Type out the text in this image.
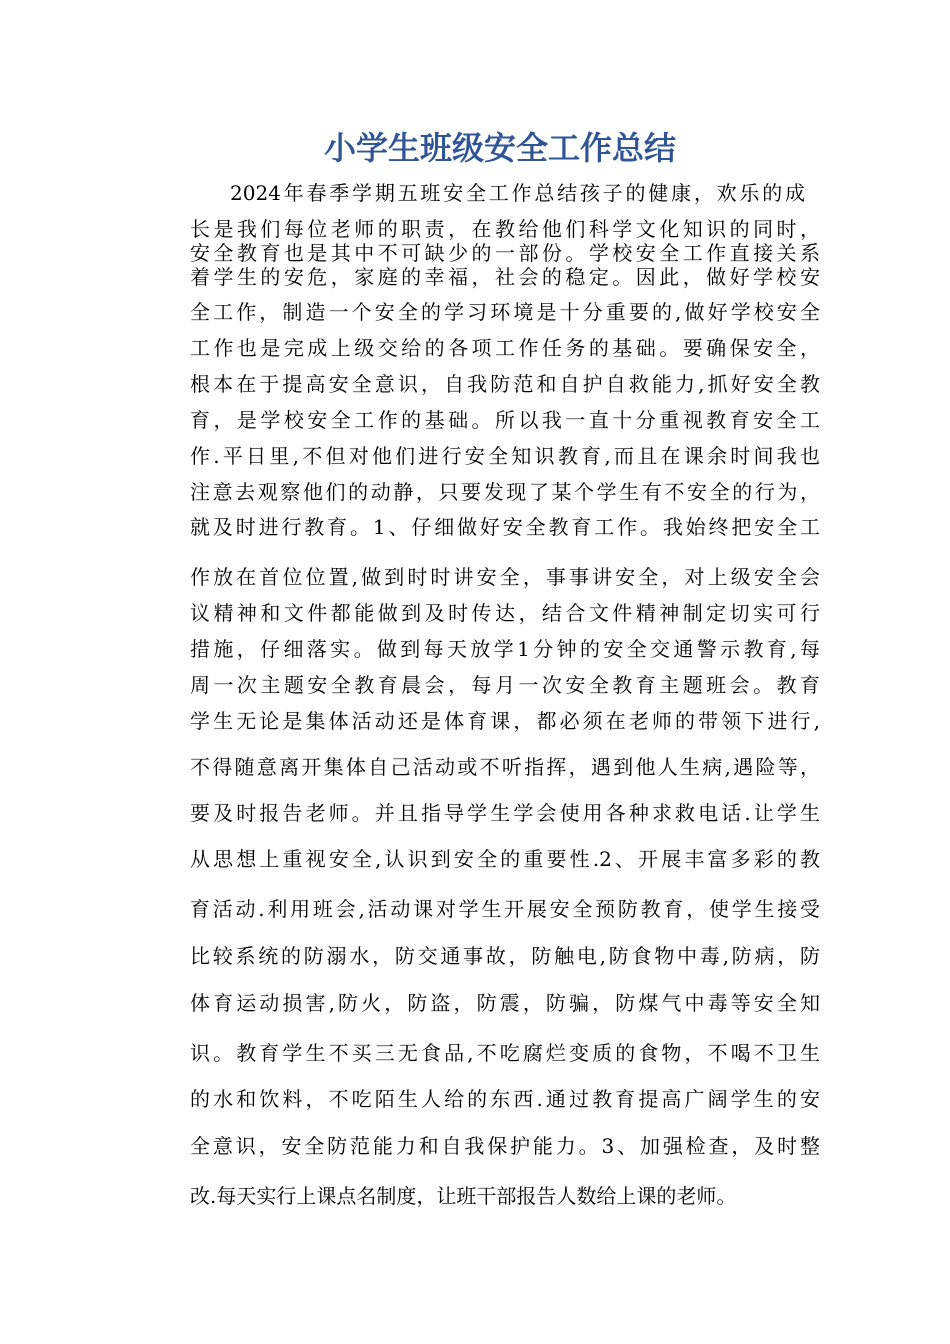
小学生班级安全工作总结

2024年春季学期五班安全工作总结孩子的健康，欢乐的成

长是我们每位老师的职责，在教给他们科学文化知识的同时，

安全教育也是其中不可缺少的一部份。学校安全工作直接关系

着学生的安危，家庭的幸福，社会的稳定。因此，做好学校安

全工作，制造一个安全的学习环境是十分重要的,做好学校安全

工作也是完成上级交给的各项工作任务的基础。要确保安全，

根本在于提高安全意识，自我防范和自护自救能力,抓好安全教

育，是学校安全工作的基础。所以我一直十分重视教育安全工

作.平日里,不但对他们进行安全知识教育,而且在课余时间我也

注意去观察他们的动静，只要发现了某个学生有不安全的行为，

就及时进行教育。1、仔细做好安全教育工作。我始终把安全工

作放在首位位置,做到时时讲安全，事事讲安全，对上级安全会

议精神和文件都能做到及时传达，结合文件精神制定切实可行

措施，仔细落实。做到每天放学1分钟的安全交通警示教育,每

周一次主题安全教育晨会，每月一次安全教育主题班会。教育

学生无论是集体活动还是体育课，都必须在老师的带领下进行,

不得随意离开集体自己活动或不听指挥，遇到他人生病,遇险等，

要及时报告老师。并且指导学生学会使用各种求救电话.让学生

从思想上重视安全,认识到安全的重要性.2、开展丰富多彩的教

育活动.利用班会,活动课对学生开展安全预防教育，使学生接受

比较系统的防溺水，防交通事故，防触电,防食物中毒,防病，防

体育运动损害,防火，防盗，防震，防骗，防煤气中毒等安全知

识。教育学生不买三无食品,不吃腐烂变质的食物，不喝不卫生

的水和饮料，不吃陌生人给的东西.通过教育提高广阔学生的安

全意识，安全防范能力和自我保护能力。3、加强检查，及时整

改.每天实行上课点名制度，让班干部报告人数给上课的老师。
